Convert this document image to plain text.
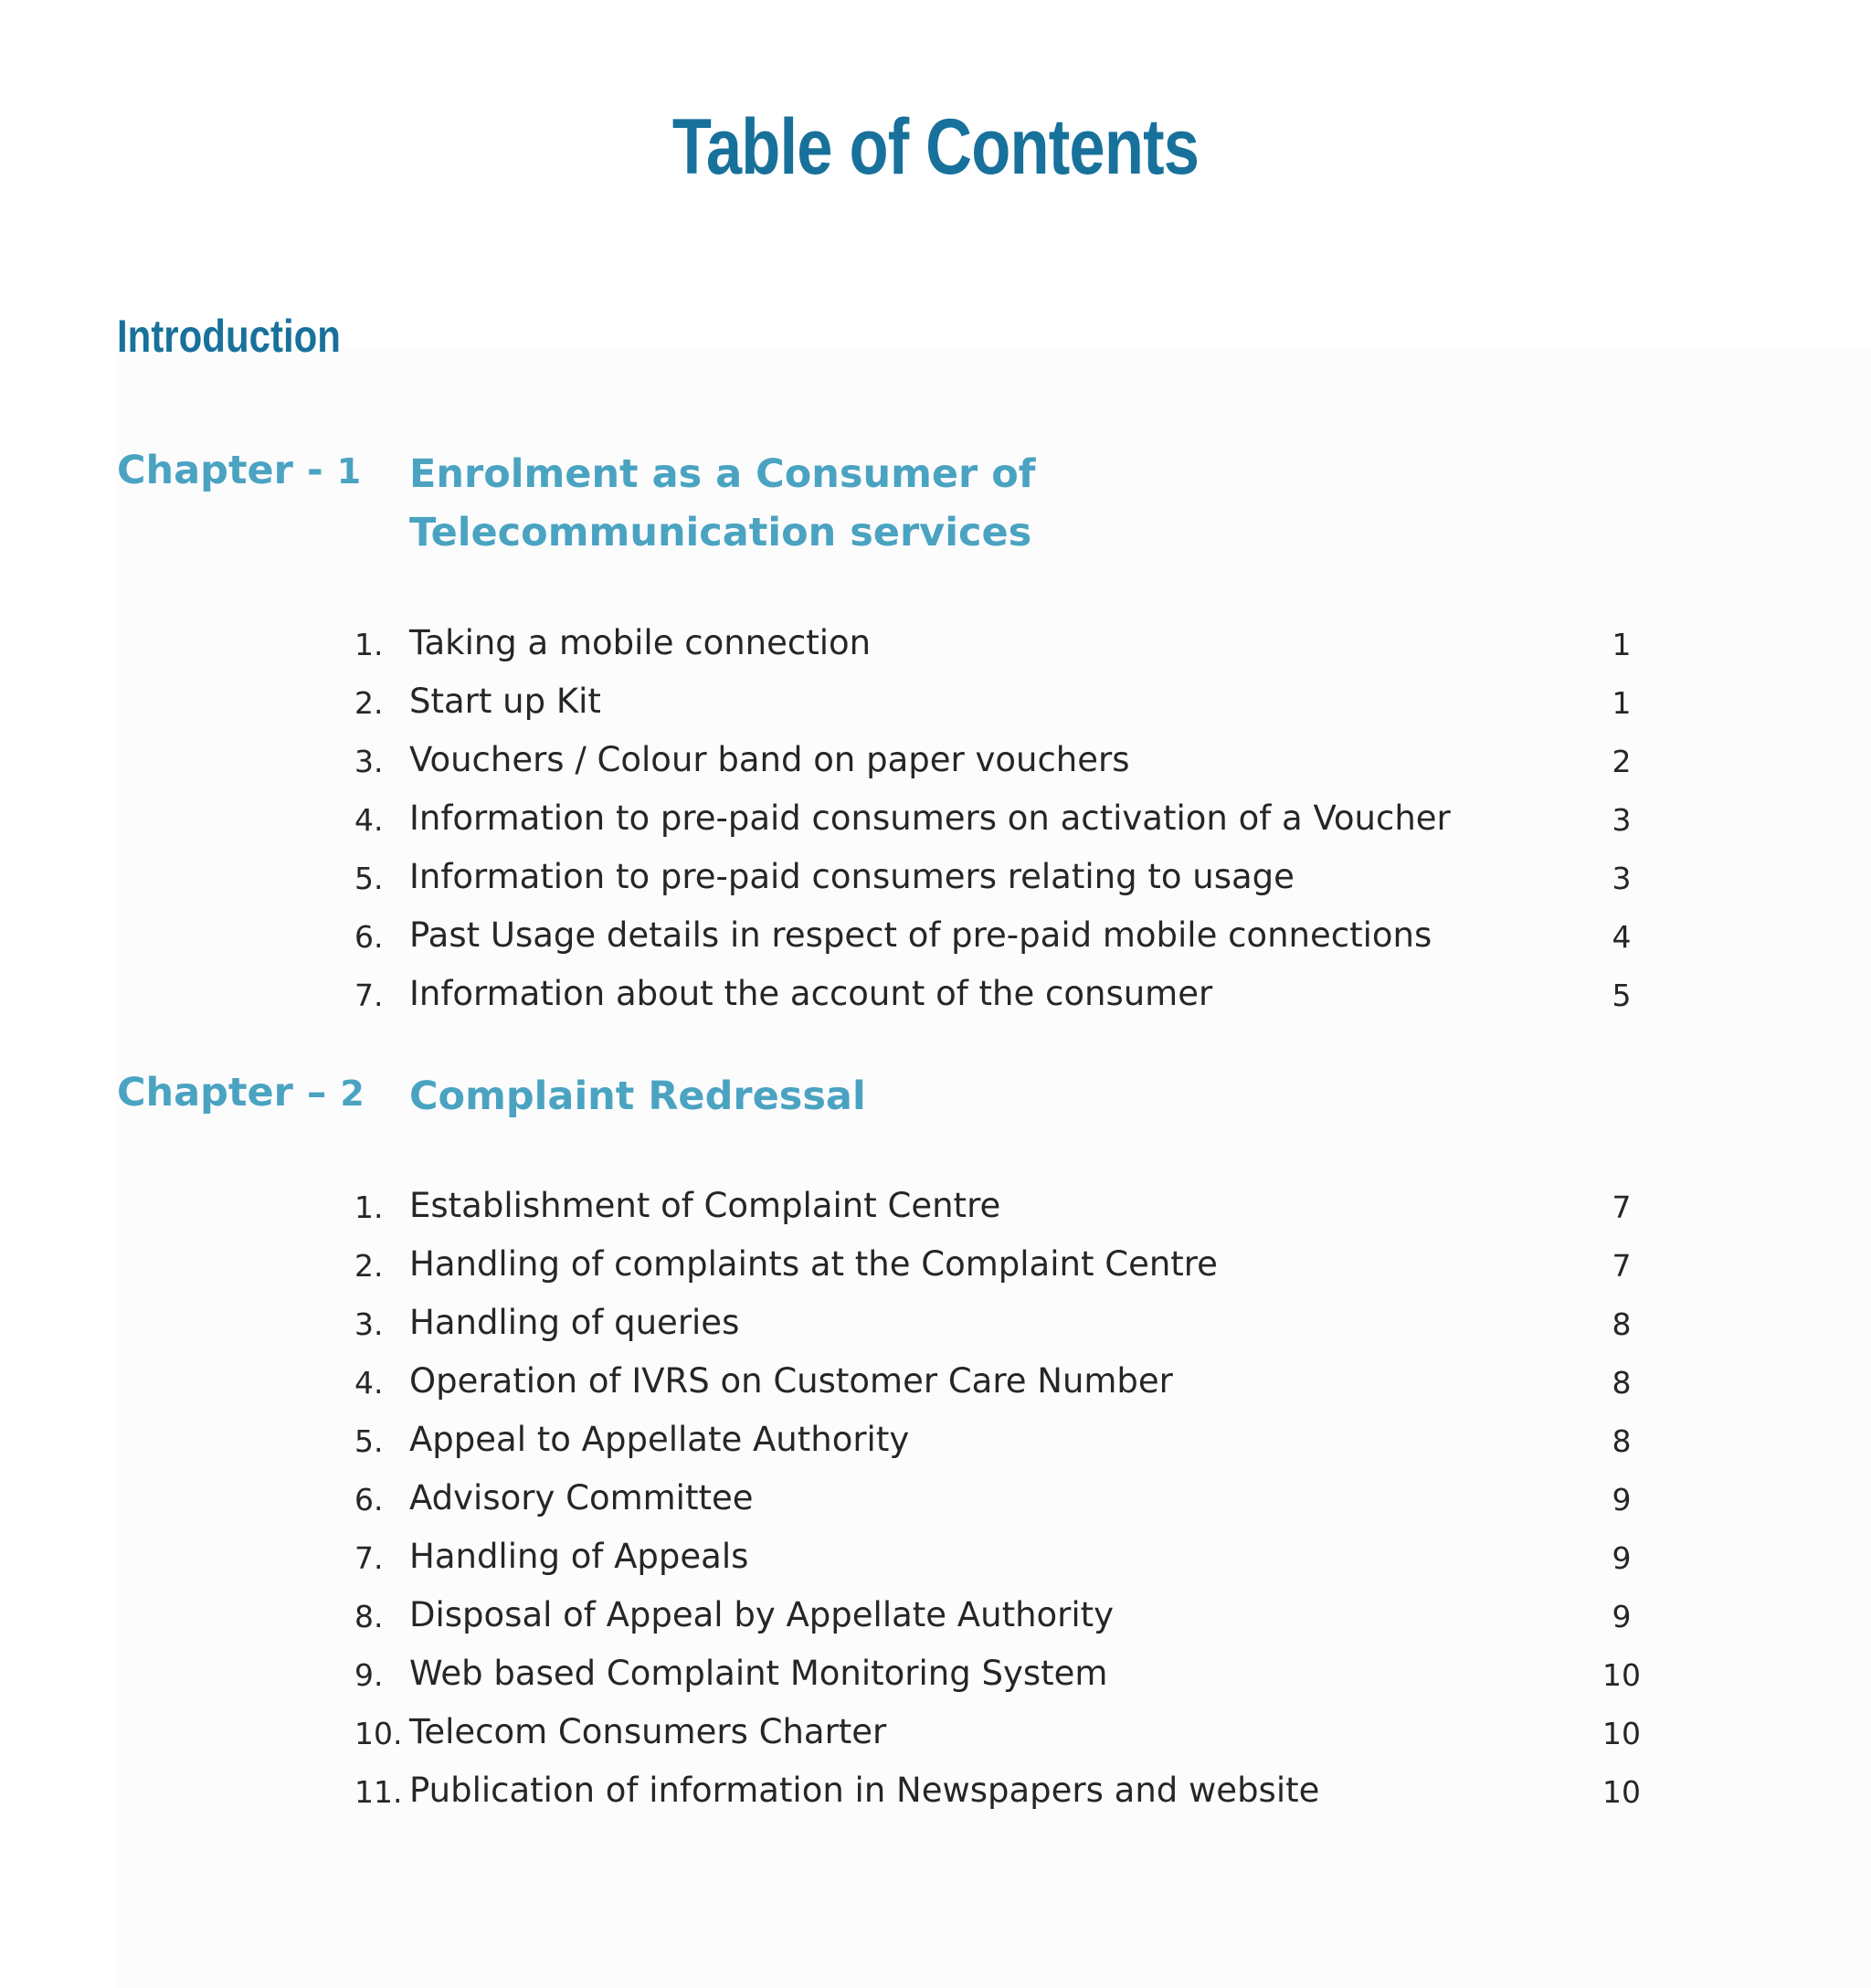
Table of Contents
Introduction
Chapter - 1 Enrolment as a Consumer of
Telecommunication services
1. Taking a mobile connection	1
2. Start up Kit	1
3. Vouchers / Colour band on paper vouchers	2
4. Information to pre-paid consumers on activation of a Voucher	3
5. Information to pre-paid consumers relating to usage	3
6. Past Usage details in respect of pre-paid mobile connections	4
7. Information about the account of the consumer	5
Chapter – 2 Complaint Redressal
1. Establishment of Complaint Centre	7
2. Handling of complaints at the Complaint Centre	7
3. Handling of queries	8
4. Operation of IVRS on Customer Care Number	8
5. Appeal to Appellate Authority	8
6. Advisory Committee	9
7. Handling of Appeals	9
8. Disposal of Appeal by Appellate Authority	9
9. Web based Complaint Monitoring System	10
10. Telecom Consumers Charter	10
11. Publication of information in Newspapers and website	10
